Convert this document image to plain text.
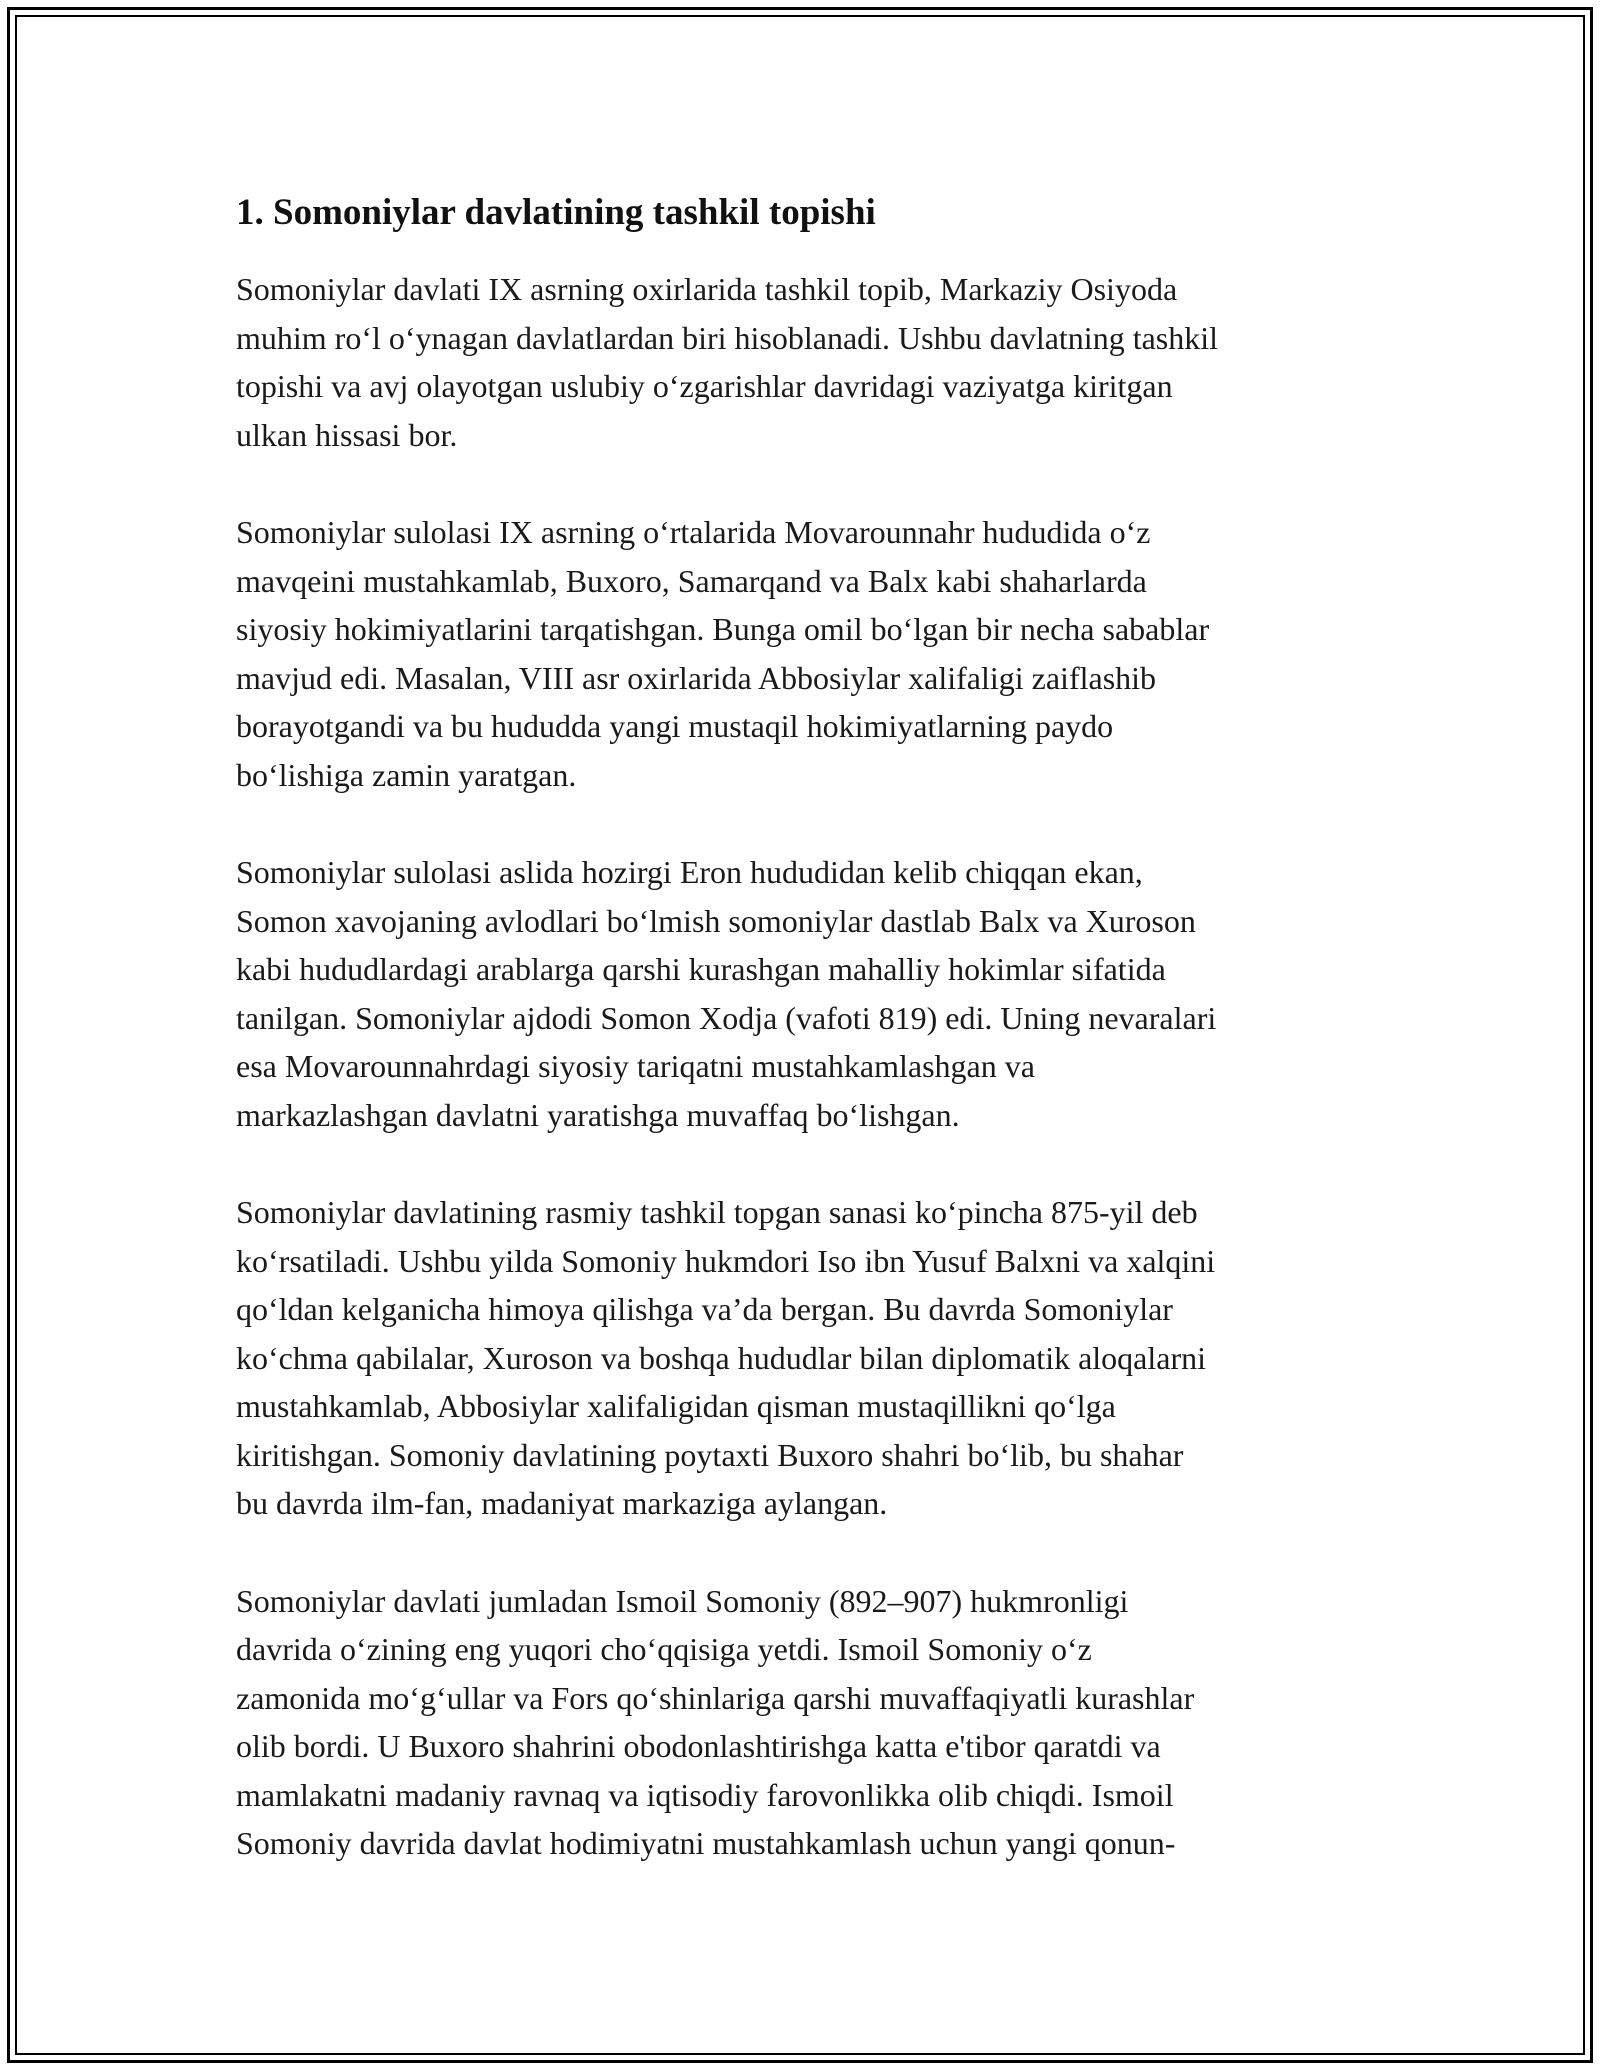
1. Somoniylar davlatining tashkil topishi

Somoniylar davlati IX asrning oxirlarida tashkil topib, Markaziy Osiyoda
muhim roʻl oʻynagan davlatlardan biri hisoblanadi. Ushbu davlatning tashkil
topishi va avj olayotgan uslubiy oʻzgarishlar davridagi vaziyatga kiritgan
ulkan hissasi bor.

Somoniylar sulolasi IX asrning oʻrtalarida Movarounnahr hududida oʻz
mavqeini mustahkamlab, Buxoro, Samarqand va Balx kabi shaharlarda
siyosiy hokimiyatlarini tarqatishgan. Bunga omil boʻlgan bir necha sabablar
mavjud edi. Masalan, VIII asr oxirlarida Abbosiylar xalifaligi zaiflashib
borayotgandi va bu hududda yangi mustaqil hokimiyatlarning paydo
boʻlishiga zamin yaratgan.

Somoniylar sulolasi aslida hozirgi Eron hududidan kelib chiqqan ekan,
Somon xavojaning avlodlari boʻlmish somoniylar dastlab Balx va Xuroson
kabi hududlardagi arablarga qarshi kurashgan mahalliy hokimlar sifatida
tanilgan. Somoniylar ajdodi Somon Xodja (vafoti 819) edi. Uning nevaralari
esa Movarounnahrdagi siyosiy tariqatni mustahkamlashgan va
markazlashgan davlatni yaratishga muvaffaq boʻlishgan.

Somoniylar davlatining rasmiy tashkil topgan sanasi koʻpincha 875-yil deb
koʻrsatiladi. Ushbu yilda Somoniy hukmdori Iso ibn Yusuf Balxni va xalqini
qoʻldan kelganicha himoya qilishga vaʼda bergan. Bu davrda Somoniylar
koʻchma qabilalar, Xuroson va boshqa hududlar bilan diplomatik aloqalarni
mustahkamlab, Abbosiylar xalifaligidan qisman mustaqillikni qoʻlga
kiritishgan. Somoniy davlatining poytaxti Buxoro shahri boʻlib, bu shahar
bu davrda ilm-fan, madaniyat markaziga aylangan.

Somoniylar davlati jumladan Ismoil Somoniy (892–907) hukmronligi
davrida oʻzining eng yuqori choʻqqisiga yetdi. Ismoil Somoniy oʻz
zamonida moʻgʻullar va Fors qoʻshinlariga qarshi muvaffaqiyatli kurashlar
olib bordi. U Buxoro shahrini obodonlashtirishga katta e'tibor qaratdi va
mamlakatni madaniy ravnaq va iqtisodiy farovonlikka olib chiqdi. Ismoil
Somoniy davrida davlat hodimiyatni mustahkamlash uchun yangi qonun-
